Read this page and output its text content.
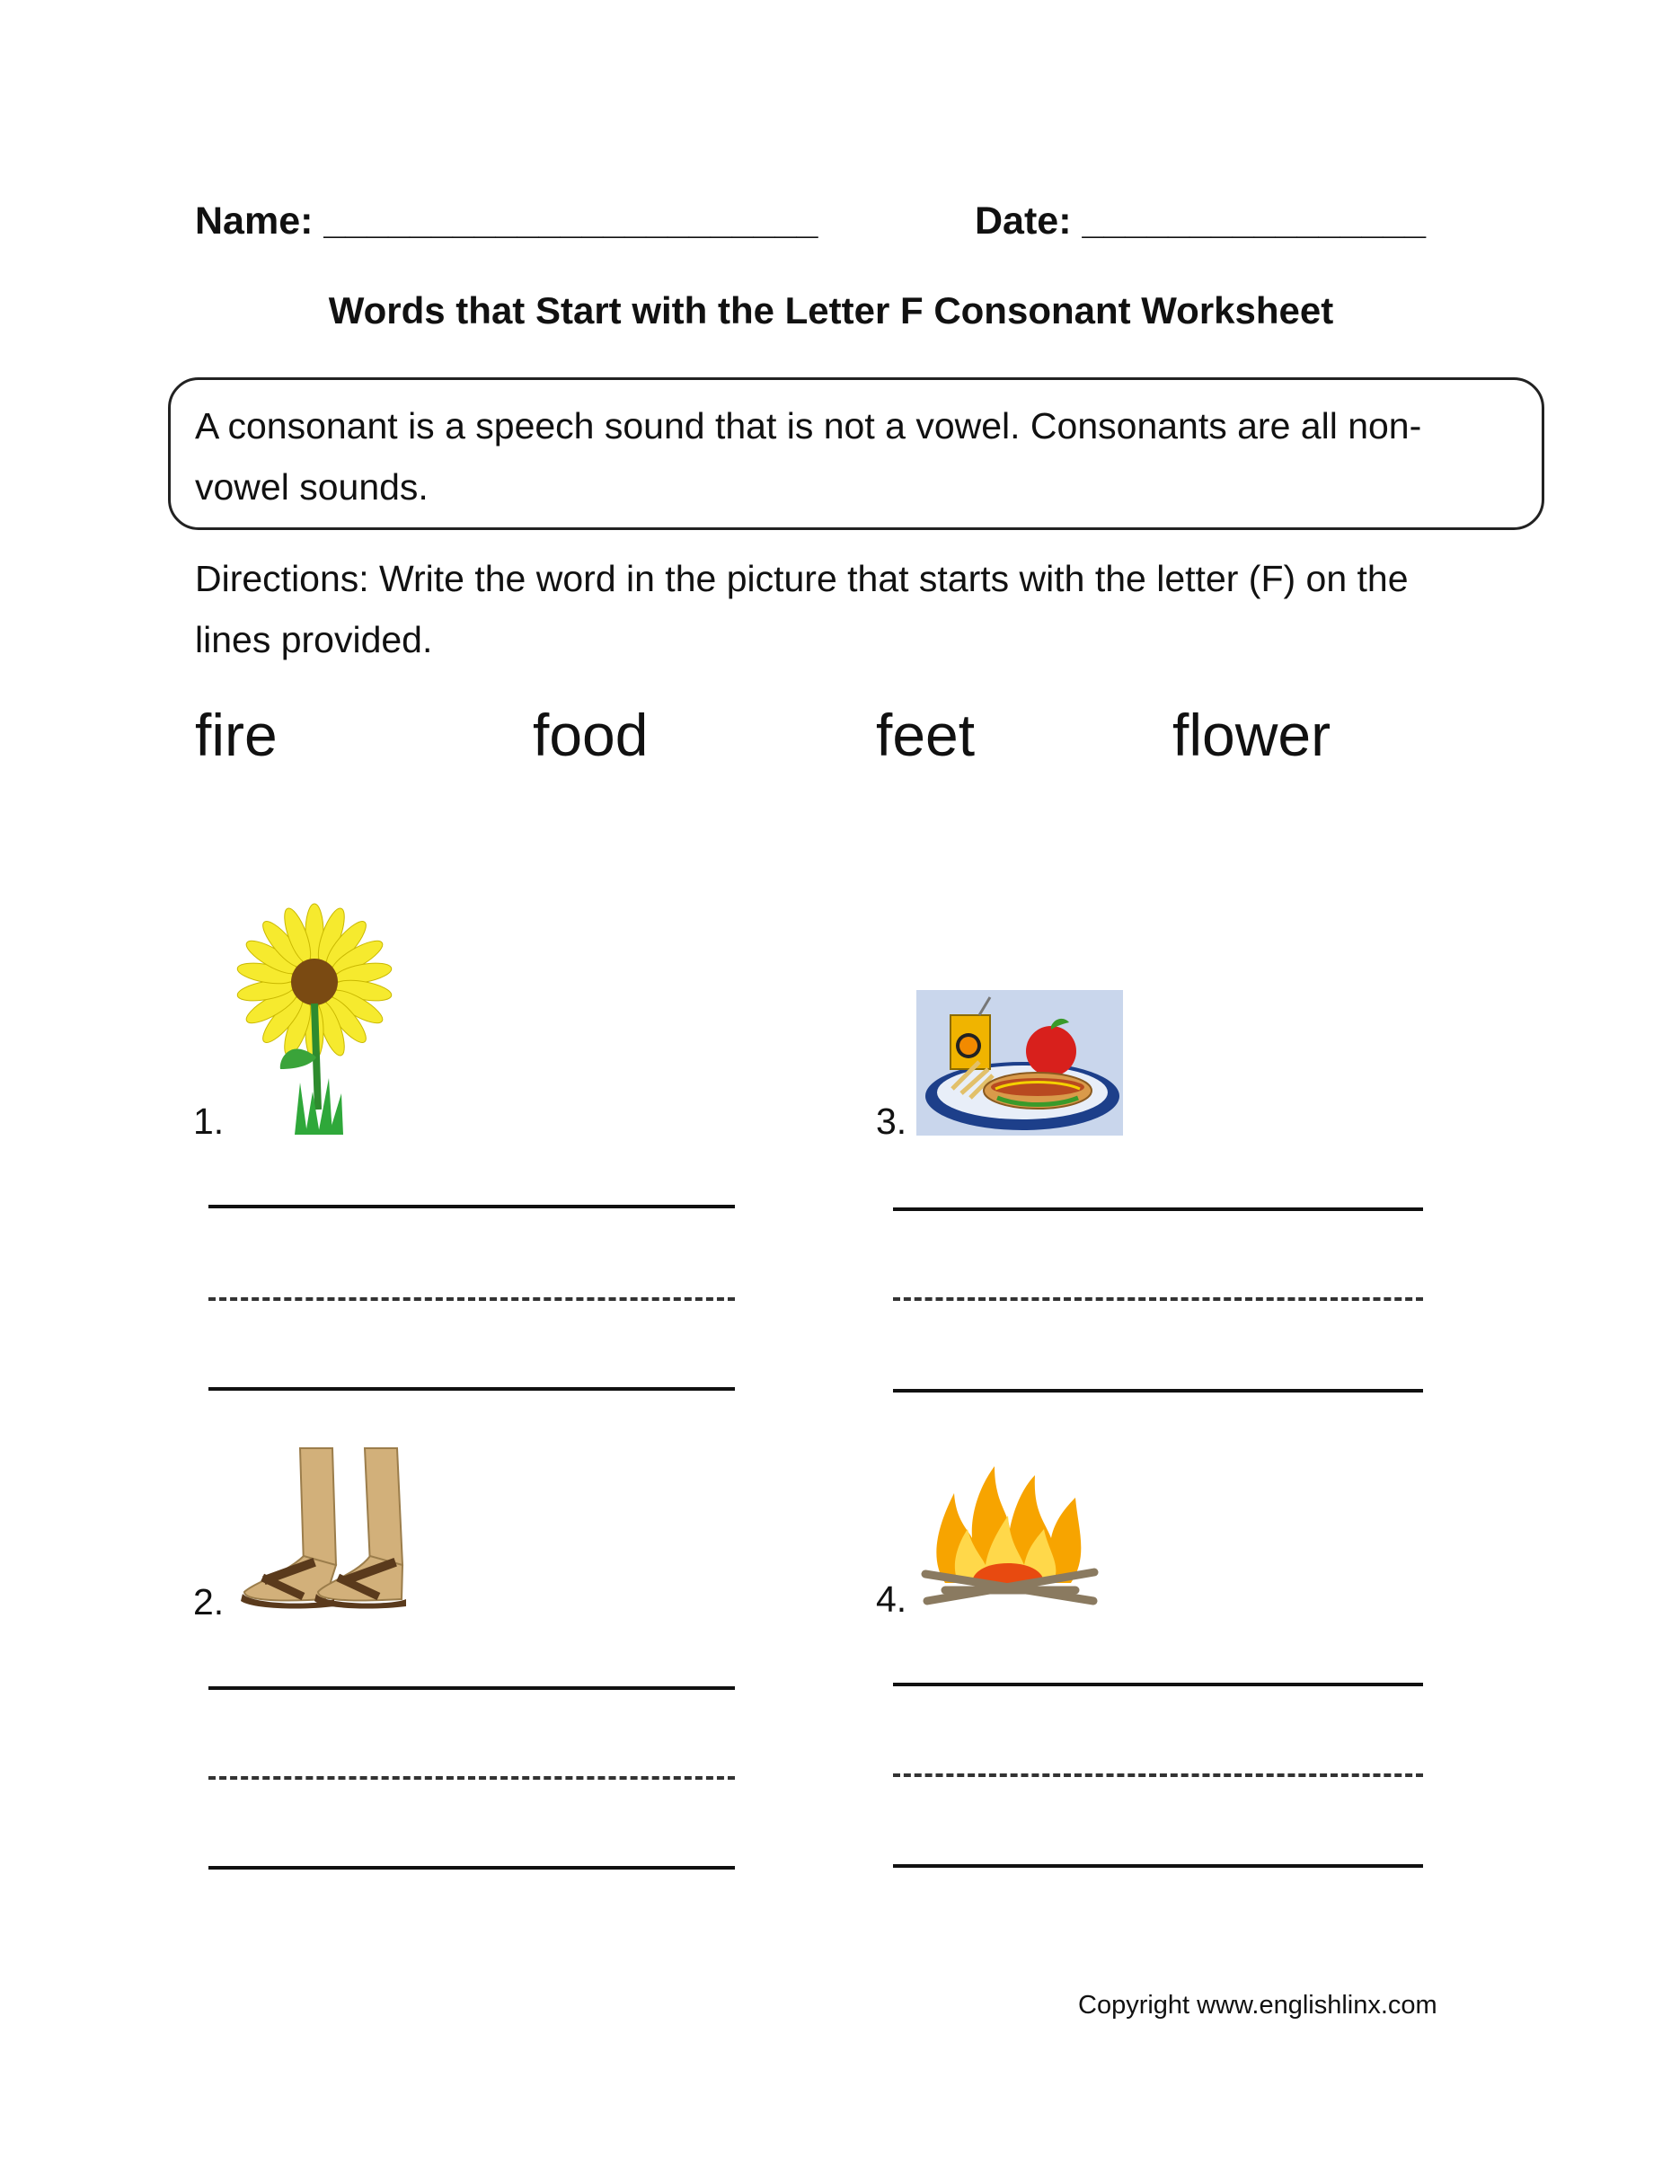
Name: _______________________	Date: ________________
Words that Start with the Letter F Consonant Worksheet
A consonant is a speech sound that is not a vowel. Consonants are all non-vowel sounds.
Directions: Write the word in the picture that starts with the letter (F) on the lines provided.
fire	food	feet	flower
1.
2.
3.
4.
Copyright www.englishlinx.com
